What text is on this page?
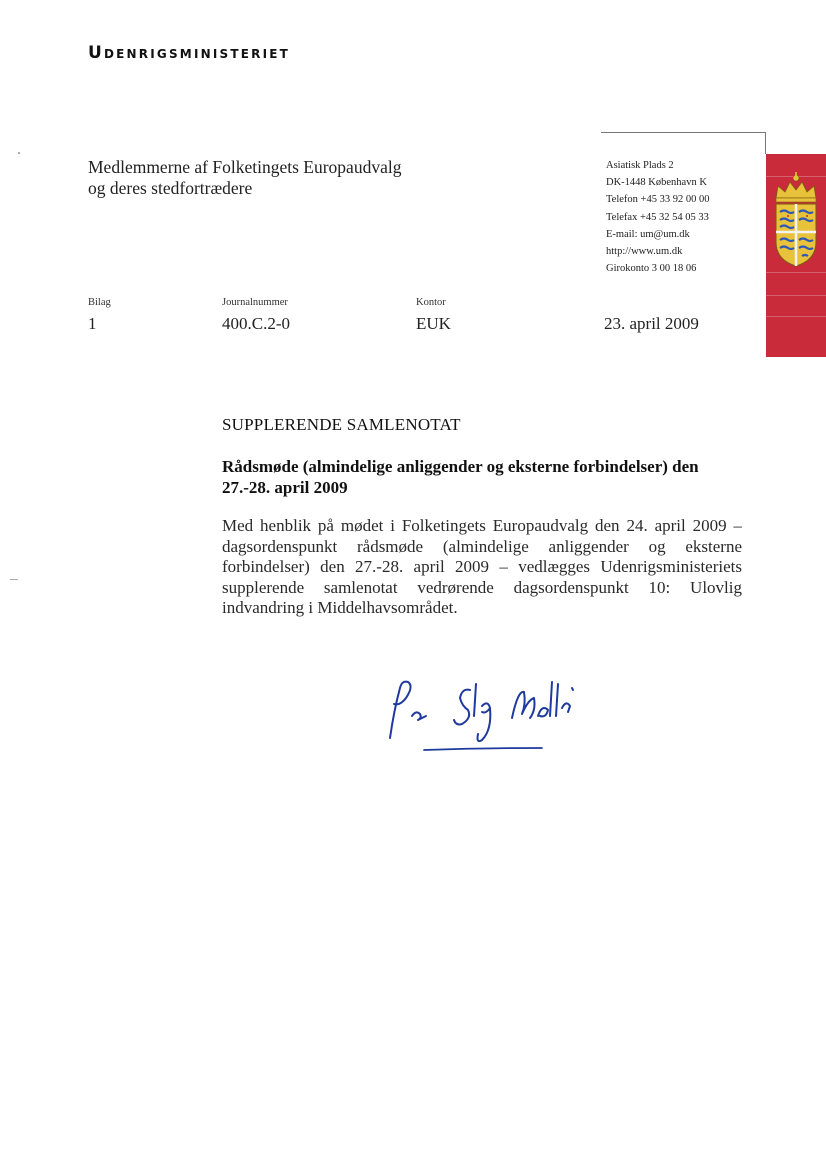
Udenrigsministeriet
Medlemmerne af Folketingets Europaudvalg
og deres stedfortrædere
Asiatisk Plads 2
DK-1448 København K
Telefon +45 33 92 00 00
Telefax +45 32 54 05 33
E-mail: um@um.dk
http://www.um.dk
Girokonto 3 00 18 06
Bilag	Journalnummer	Kontor
1	400.C.2-0	EUK	23. april 2009
SUPPLERENDE SAMLENOTAT
Rådsmøde (almindelige anliggender og eksterne forbindelser) den 27.-28. april 2009
Med henblik på mødet i Folketingets Europaudvalg den 24. april 2009 – dagsordenspunkt rådsmøde (almindelige anliggender og eksterne forbindelser) den 27.-28. april 2009 – vedlægges Udenrigsministeriets supplerende samlenotat vedrørende dagsordenspunkt 10: Ulovlig indvandring i Middelhavsområdet.
